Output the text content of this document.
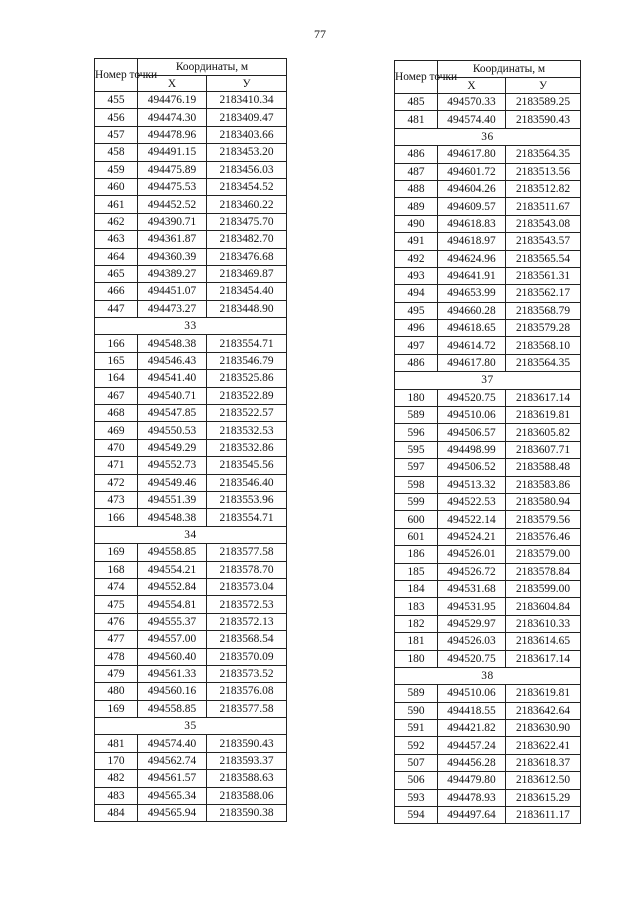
77
Номер точки	Координаты, м	
	Х	У
455	494476.19	2183410.34
456	494474.30	2183409.47
457	494478.96	2183403.66
458	494491.15	2183453.20
459	494475.89	2183456.03
460	494475.53	2183454.52
461	494452.52	2183460.22
462	494390.71	2183475.70
463	494361.87	2183482.70
464	494360.39	2183476.68
465	494389.27	2183469.87
466	494451.07	2183454.40
447	494473.27	2183448.90
33		
166	494548.38	2183554.71
165	494546.43	2183546.79
164	494541.40	2183525.86
467	494540.71	2183522.89
468	494547.85	2183522.57
469	494550.53	2183532.53
470	494549.29	2183532.86
471	494552.73	2183545.56
472	494549.46	2183546.40
473	494551.39	2183553.96
166	494548.38	2183554.71
34		
169	494558.85	2183577.58
168	494554.21	2183578.70
474	494552.84	2183573.04
475	494554.81	2183572.53
476	494555.37	2183572.13
477	494557.00	2183568.54
478	494560.40	2183570.09
479	494561.33	2183573.52
480	494560.16	2183576.08
169	494558.85	2183577.58
35		
481	494574.40	2183590.43
170	494562.74	2183593.37
482	494561.57	2183588.63
483	494565.34	2183588.06
484	494565.94	2183590.38
Номер точки	Координаты, м	
	Х	У
485	494570.33	2183589.25
481	494574.40	2183590.43
36		
486	494617.80	2183564.35
487	494601.72	2183513.56
488	494604.26	2183512.82
489	494609.57	2183511.67
490	494618.83	2183543.08
491	494618.97	2183543.57
492	494624.96	2183565.54
493	494641.91	2183561.31
494	494653.99	2183562.17
495	494660.28	2183568.79
496	494618.65	2183579.28
497	494614.72	2183568.10
486	494617.80	2183564.35
37		
180	494520.75	2183617.14
589	494510.06	2183619.81
596	494506.57	2183605.82
595	494498.99	2183607.71
597	494506.52	2183588.48
598	494513.32	2183583.86
599	494522.53	2183580.94
600	494522.14	2183579.56
601	494524.21	2183576.46
186	494526.01	2183579.00
185	494526.72	2183578.84
184	494531.68	2183599.00
183	494531.95	2183604.84
182	494529.97	2183610.33
181	494526.03	2183614.65
180	494520.75	2183617.14
38		
589	494510.06	2183619.81
590	494418.55	2183642.64
591	494421.82	2183630.90
592	494457.24	2183622.41
507	494456.28	2183618.37
506	494479.80	2183612.50
593	494478.93	2183615.29
594	494497.64	2183611.17
